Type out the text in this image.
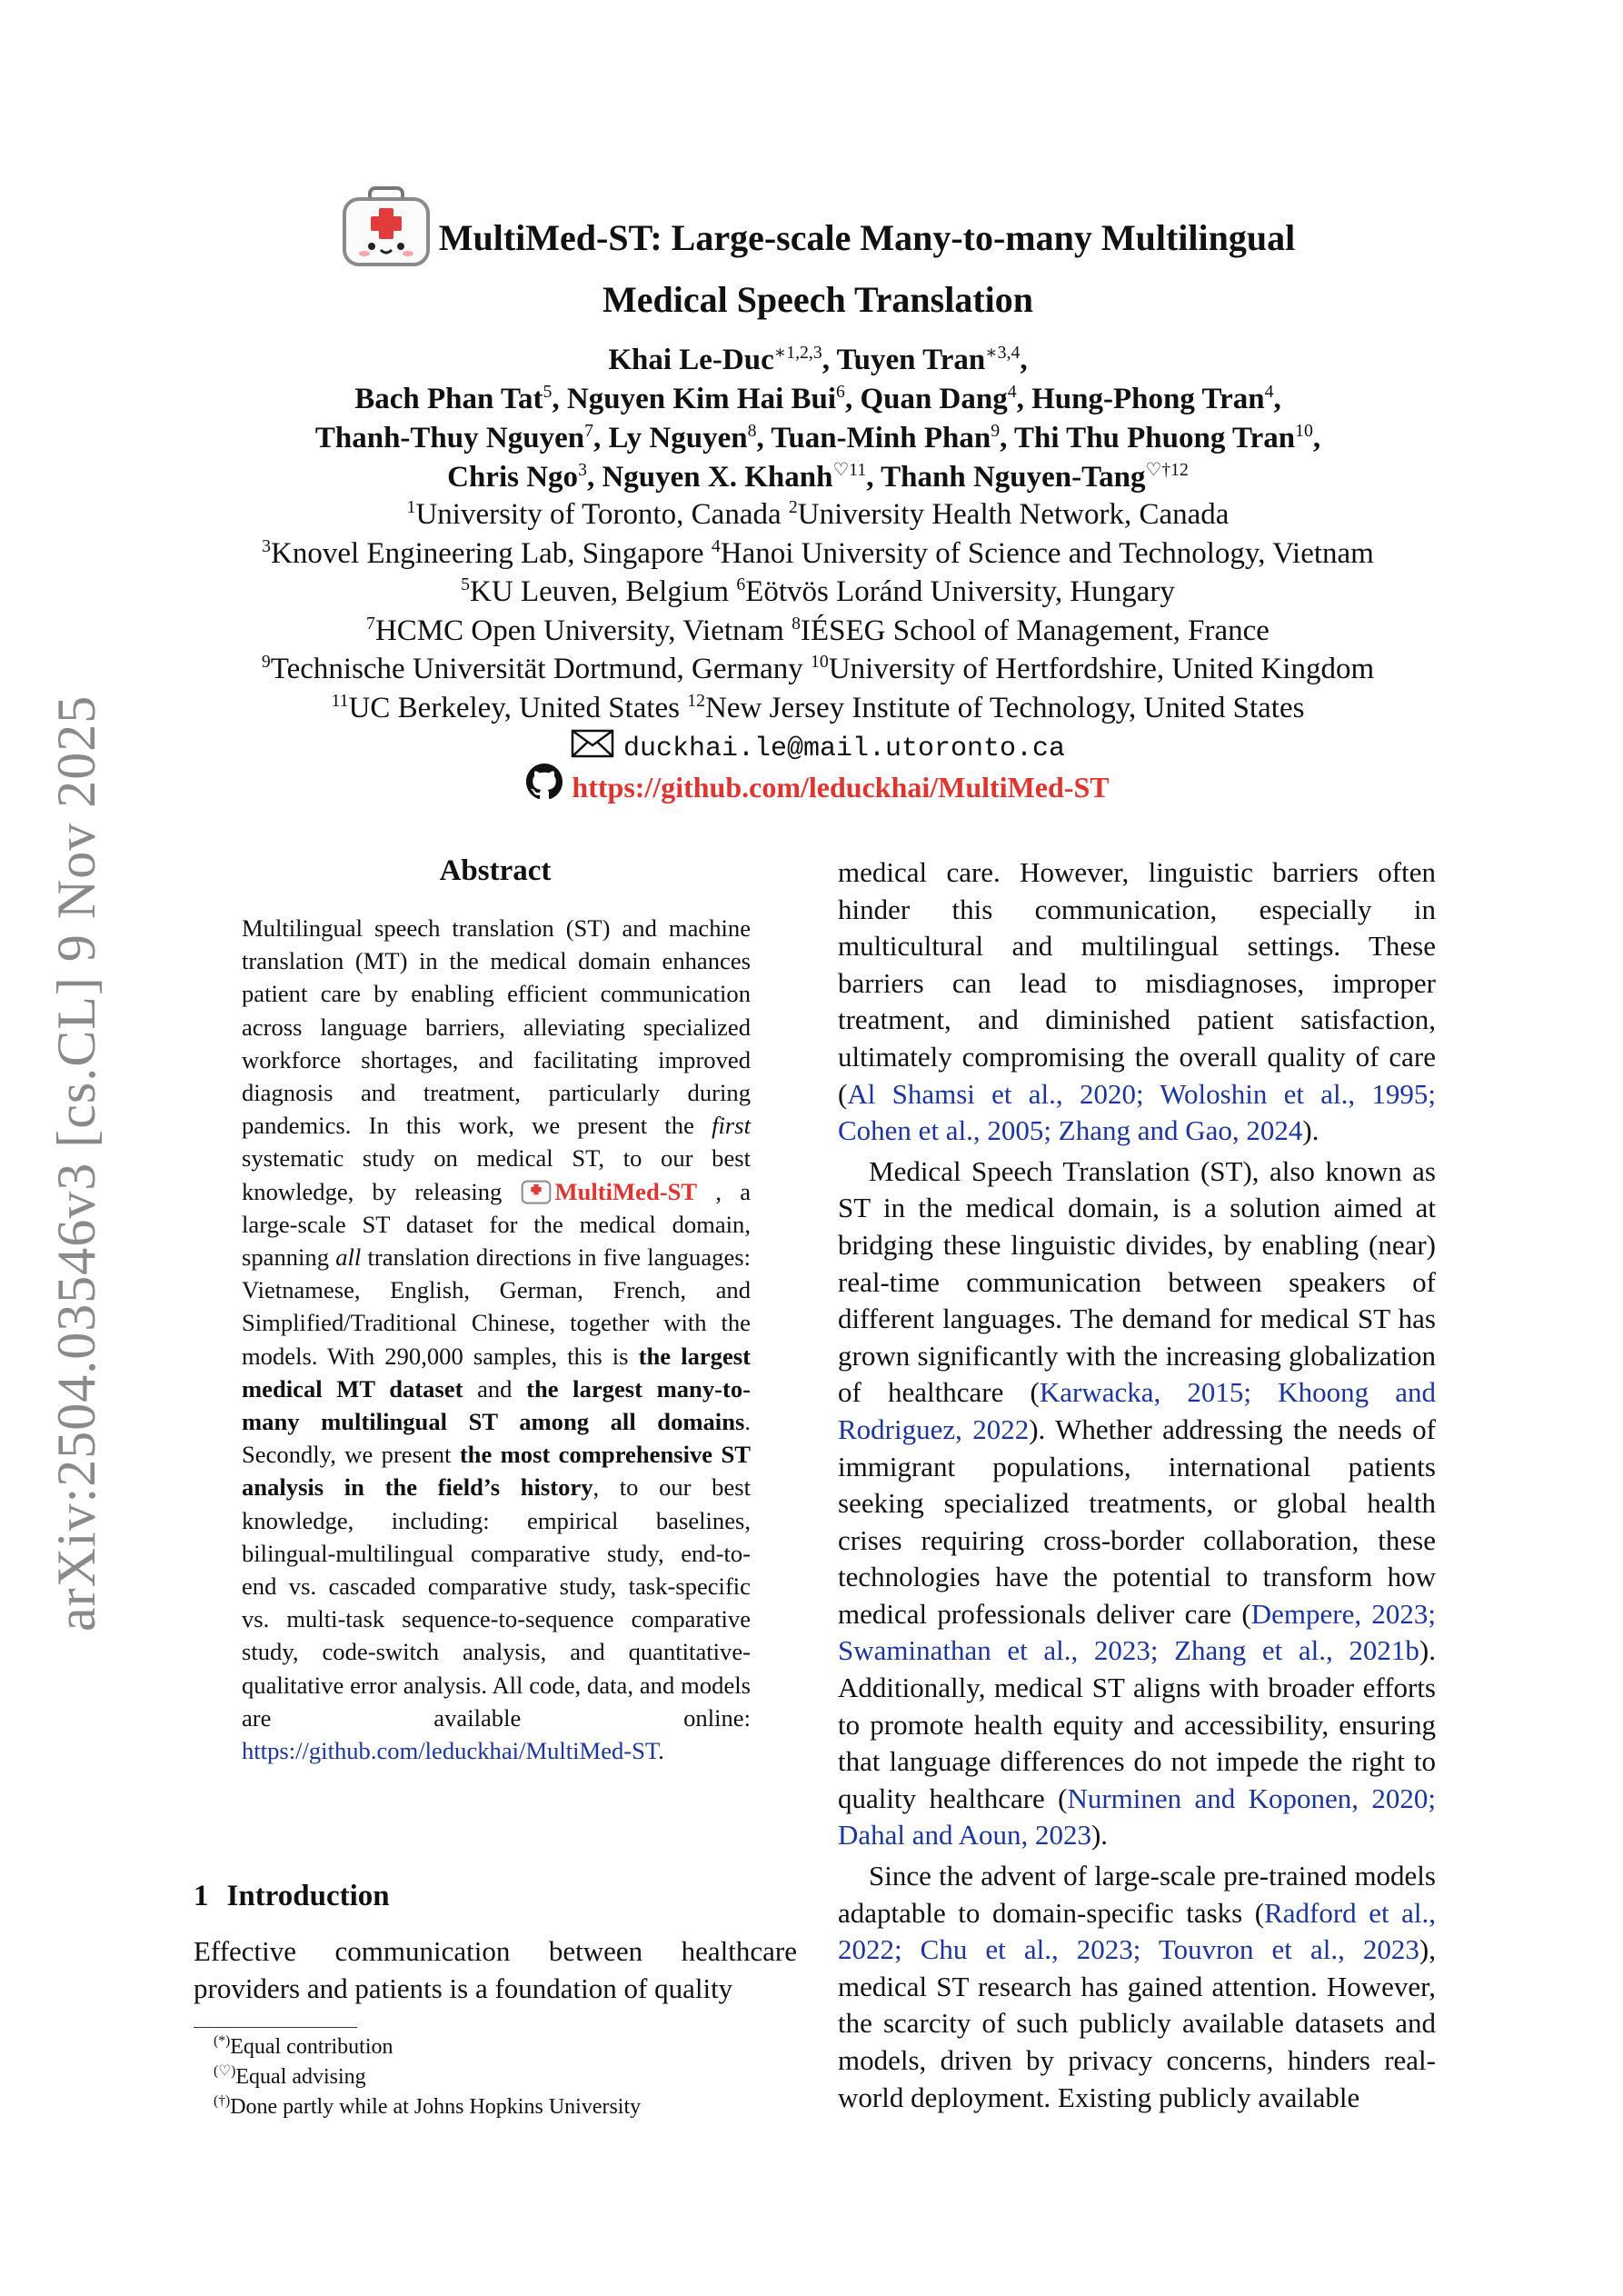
arXiv:2504.03546v3 [cs.CL] 9 Nov 2025
MultiMed-ST: Large-scale Many-to-many Multilingual
Medical Speech Translation
Khai Le-Duc$^{∗1,2,3}$, Tuyen Tran$^{∗3,4}$,
Bach Phan Tat$^5$, Nguyen Kim Hai Bui$^6$, Quan Dang$^4$, Hung-Phong Tran$^4$,
Thanh-Thuy Nguyen$^7$, Ly Nguyen$^8$, Tuan-Minh Phan$^9$, Thi Thu Phuong Tran$^{10}$,
Chris Ngo$^3$, Nguyen X. Khanh$^{♡11}$, Thanh Nguyen-Tang$^{♡\dagger 12}$
$^1$University of Toronto, Canada $^2$University Health Network, Canada
$^3$Knovel Engineering Lab, Singapore $^4$Hanoi University of Science and Technology, Vietnam
$^5$KU Leuven, Belgium $^6$Eötvös Loránd University, Hungary
$^7$HCMC Open University, Vietnam $^8$IÉSEG School of Management, France
$^9$Technische Universität Dortmund, Germany $^{10}$University of Hertfordshire, United Kingdom
$^{11}$UC Berkeley, United States $^{12}$New Jersey Institute of Technology, United States
duckhai.le@mail.utoronto.ca
https://github.com/leduckhai/MultiMed-ST
Abstract
Multilingual speech translation (ST) and machine translation (MT) in the medical domain enhances patient care by enabling efficient communication across language barriers, alleviating specialized workforce shortages, and facilitating improved diagnosis and treatment, particularly during pandemics. In this work, we present the first systematic study on medical ST, to our best knowledge, by releasing MultiMed-ST , a large-scale ST dataset for the medical domain, spanning all translation directions in five languages: Vietnamese, English, German, French, and Simplified/Traditional Chinese, together with the models. With 290,000 samples, this is the largest medical MT dataset and the largest many-to-many multilingual ST among all domains. Secondly, we present the most comprehensive ST analysis in the field’s history, to our best knowledge, including: empirical baselines, bilingual-multilingual comparative study, end-to-end vs. cascaded comparative study, task-specific vs. multi-task sequence-to-sequence comparative study, code-switch analysis, and quantitative-qualitative error analysis. All code, data, and models are available online: https://github.com/leduckhai/MultiMed-ST.
1 Introduction
Effective communication between healthcare providers and patients is a foundation of quality
(*)Equal contribution
(♡)Equal advising
(†)Done partly while at Johns Hopkins University

medical care. However, linguistic barriers often hinder this communication, especially in multicultural and multilingual settings. These barriers can lead to misdiagnoses, improper treatment, and diminished patient satisfaction, ultimately compromising the overall quality of care (Al Shamsi et al., 2020; Woloshin et al., 1995; Cohen et al., 2005; Zhang and Gao, 2024).

Medical Speech Translation (ST), also known as ST in the medical domain, is a solution aimed at bridging these linguistic divides, by enabling (near) real-time communication between speakers of different languages. The demand for medical ST has grown significantly with the increasing globalization of healthcare (Karwacka, 2015; Khoong and Rodriguez, 2022). Whether addressing the needs of immigrant populations, international patients seeking specialized treatments, or global health crises requiring cross-border collaboration, these technologies have the potential to transform how medical professionals deliver care (Dempere, 2023; Swaminathan et al., 2023; Zhang et al., 2021b). Additionally, medical ST aligns with broader efforts to promote health equity and accessibility, ensuring that language differences do not impede the right to quality healthcare (Nurminen and Koponen, 2020; Dahal and Aoun, 2023).

Since the advent of large-scale pre-trained models adaptable to domain-specific tasks (Radford et al., 2022; Chu et al., 2023; Touvron et al., 2023), medical ST research has gained attention. However, the scarcity of such publicly available datasets and models, driven by privacy concerns, hinders real-world deployment. Existing publicly available
